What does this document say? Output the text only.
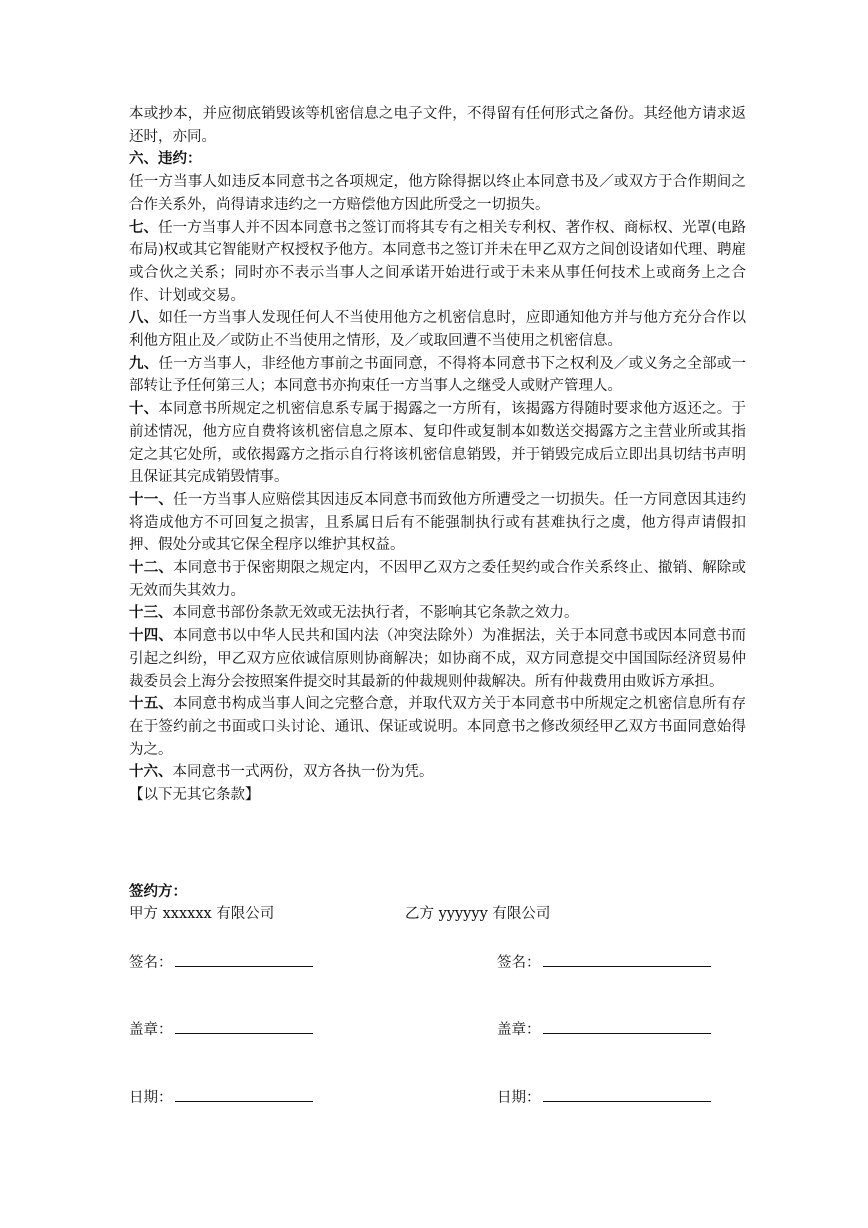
本或抄本，并应彻底销毁该等机密信息之电子文件，不得留有任何形式之备份。其经他方请求返还时，亦同。

六、违约：

任一方当事人如违反本同意书之各项规定，他方除得据以终止本同意书及／或双方于合作期间之合作关系外，尚得请求违约之一方赔偿他方因此所受之一切损失。

七、任一方当事人并不因本同意书之签订而将其专有之相关专利权、著作权、商标权、光罩(电路布局)权或其它智能财产权授权予他方。本同意书之签订并未在甲乙双方之间创设诸如代理、聘雇或合伙之关系；同时亦不表示当事人之间承诺开始进行或于未来从事任何技术上或商务上之合作、计划或交易。

八、如任一方当事人发现任何人不当使用他方之机密信息时，应即通知他方并与他方充分合作以利他方阻止及／或防止不当使用之情形，及／或取回遭不当使用之机密信息。

九、任一方当事人，非经他方事前之书面同意，不得将本同意书下之权利及／或义务之全部或一部转让予任何第三人；本同意书亦拘束任一方当事人之继受人或财产管理人。

十、本同意书所规定之机密信息系专属于揭露之一方所有，该揭露方得随时要求他方返还之。于前述情况，他方应自费将该机密信息之原本、复印件或复制本如数送交揭露方之主营业所或其指定之其它处所，或依揭露方之指示自行将该机密信息销毁，并于销毁完成后立即出具切结书声明且保证其完成销毁情事。

十一、任一方当事人应赔偿其因违反本同意书而致他方所遭受之一切损失。任一方同意因其违约将造成他方不可回复之损害，且系属日后有不能强制执行或有甚难执行之虞，他方得声请假扣押、假处分或其它保全程序以维护其权益。

十二、本同意书于保密期限之规定内，不因甲乙双方之委任契约或合作关系终止、撤销、解除或无效而失其效力。

十三、本同意书部份条款无效或无法执行者，不影响其它条款之效力。

十四、本同意书以中华人民共和国内法（冲突法除外）为准据法，关于本同意书或因本同意书而引起之纠纷，甲乙双方应依诚信原则协商解决；如协商不成，双方同意提交中国国际经济贸易仲裁委员会上海分会按照案件提交时其最新的仲裁规则仲裁解决。所有仲裁费用由败诉方承担。

十五、本同意书构成当事人间之完整合意，并取代双方关于本同意书中所规定之机密信息所有存在于签约前之书面或口头讨论、通讯、保证或说明。本同意书之修改须经甲乙双方书面同意始得为之。

十六、本同意书一式两份，双方各执一份为凭。

【以下无其它条款】

签约方：
甲方 xxxxxx 有限公司	乙方 yyyyyy 有限公司
签名：	签名：
盖章：	盖章：
日期：	日期：
